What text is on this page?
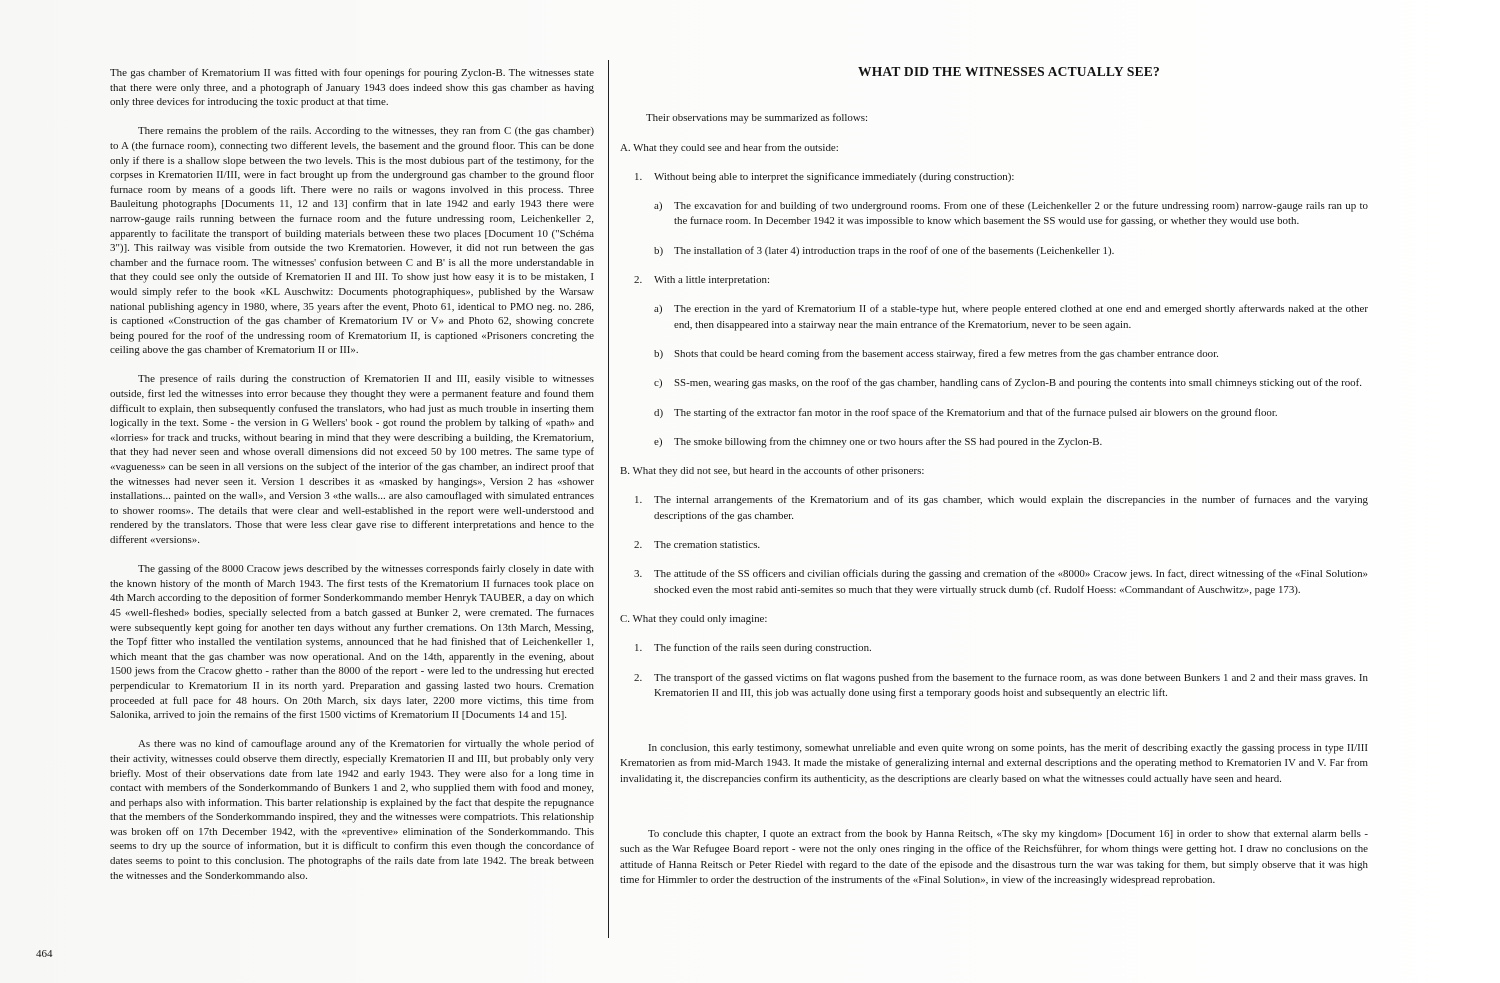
The gas chamber of Krematorium II was fitted with four openings for pouring Zyclon-B. The witnesses state that there were only three, and a photograph of January 1943 does indeed show this gas chamber as having only three devices for introducing the toxic product at that time.

There remains the problem of the rails. According to the witnesses, they ran from C (the gas chamber) to A (the furnace room), connecting two different levels, the basement and the ground floor. This can be done only if there is a shallow slope between the two levels. This is the most dubious part of the testimony, for the corpses in Krematorien II/III, were in fact brought up from the underground gas chamber to the ground floor furnace room by means of a goods lift. There were no rails or wagons involved in this process. Three Bauleitung photographs [Documents 11, 12 and 13] confirm that in late 1942 and early 1943 there were narrow-gauge rails running between the furnace room and the future undressing room, Leichenkeller 2, apparently to facilitate the transport of building materials between these two places [Document 10 ("Schéma 3")]. This railway was visible from outside the two Krematorien. However, it did not run between the gas chamber and the furnace room. The witnesses' confusion between C and B' is all the more understandable in that they could see only the outside of Krematorien II and III. To show just how easy it is to be mistaken, I would simply refer to the book «KL Auschwitz: Documents photographiques», published by the Warsaw national publishing agency in 1980, where, 35 years after the event, Photo 61, identical to PMO neg. no. 286, is captioned «Construction of the gas chamber of Krematorium IV or V» and Photo 62, showing concrete being poured for the roof of the undressing room of Krematorium II, is captioned «Prisoners concreting the ceiling above the gas chamber of Krematorium II or III».

The presence of rails during the construction of Krematorien II and III, easily visible to witnesses outside, first led the witnesses into error because they thought they were a permanent feature and found them difficult to explain, then subsequently confused the translators, who had just as much trouble in inserting them logically in the text. Some - the version in G Wellers' book - got round the problem by talking of «path» and «lorries» for track and trucks, without bearing in mind that they were describing a building, the Krematorium, that they had never seen and whose overall dimensions did not exceed 50 by 100 metres. The same type of «vagueness» can be seen in all versions on the subject of the interior of the gas chamber, an indirect proof that the witnesses had never seen it. Version 1 describes it as «masked by hangings», Version 2 has «shower installations... painted on the wall», and Version 3 «the walls... are also camouflaged with simulated entrances to shower rooms». The details that were clear and well-established in the report were well-understood and rendered by the translators. Those that were less clear gave rise to different interpretations and hence to the different «versions».

The gassing of the 8000 Cracow jews described by the witnesses corresponds fairly closely in date with the known history of the month of March 1943. The first tests of the Krematorium II furnaces took place on 4th March according to the deposition of former Sonderkommando member Henryk TAUBER, a day on which 45 «well-fleshed» bodies, specially selected from a batch gassed at Bunker 2, were cremated. The furnaces were subsequently kept going for another ten days without any further cremations. On 13th March, Messing, the Topf fitter who installed the ventilation systems, announced that he had finished that of Leichenkeller 1, which meant that the gas chamber was now operational. And on the 14th, apparently in the evening, about 1500 jews from the Cracow ghetto - rather than the 8000 of the report - were led to the undressing hut erected perpendicular to Krematorium II in its north yard. Preparation and gassing lasted two hours. Cremation proceeded at full pace for 48 hours. On 20th March, six days later, 2200 more victims, this time from Salonika, arrived to join the remains of the first 1500 victims of Krematorium II [Documents 14 and 15].

As there was no kind of camouflage around any of the Krematorien for virtually the whole period of their activity, witnesses could observe them directly, especially Krematorien II and III, but probably only very briefly. Most of their observations date from late 1942 and early 1943. They were also for a long time in contact with members of the Sonderkommando of Bunkers 1 and 2, who supplied them with food and money, and perhaps also with information. This barter relationship is explained by the fact that despite the repugnance that the members of the Sonderkommando inspired, they and the witnesses were compatriots. This relationship was broken off on 17th December 1942, with the «preventive» elimination of the Sonderkommando. This seems to dry up the source of information, but it is difficult to confirm this even though the concordance of dates seems to point to this conclusion. The photographs of the rails date from late 1942. The break between the witnesses and the Sonderkommando also.

WHAT DID THE WITNESSES ACTUALLY SEE?
Their observations may be summarized as follows:
A. What they could see and hear from the outside:
1.	Without being able to interpret the significance immediately (during construction):
a)	The excavation for and building of two underground rooms. From one of these (Leichenkeller 2 or the future undressing room) narrow-gauge rails ran up to the furnace room. In December 1942 it was impossible to know which basement the SS would use for gassing, or whether they would use both.
b)	The installation of 3 (later 4) introduction traps in the roof of one of the basements (Leichenkeller 1).
2.	With a little interpretation:
a)	The erection in the yard of Krematorium II of a stable-type hut, where people entered clothed at one end and emerged shortly afterwards naked at the other end, then disappeared into a stairway near the main entrance of the Krematorium, never to be seen again.
b)	Shots that could be heard coming from the basement access stairway, fired a few metres from the gas chamber entrance door.
c)	SS-men, wearing gas masks, on the roof of the gas chamber, handling cans of Zyclon-B and pouring the contents into small chimneys sticking out of the roof.
d)	The starting of the extractor fan motor in the roof space of the Krematorium and that of the furnace pulsed air blowers on the ground floor.
e)	The smoke billowing from the chimney one or two hours after the SS had poured in the Zyclon-B.
B. What they did not see, but heard in the accounts of other prisoners:
1.	The internal arrangements of the Krematorium and of its gas chamber, which would explain the discrepancies in the number of furnaces and the varying descriptions of the gas chamber.
2.	The cremation statistics.
3.	The attitude of the SS officers and civilian officials during the gassing and cremation of the «8000» Cracow jews. In fact, direct witnessing of the «Final Solution» shocked even the most rabid anti-semites so much that they were virtually struck dumb (cf. Rudolf Hoess: «Commandant of Auschwitz», page 173).
C. What they could only imagine:
1.	The function of the rails seen during construction.
2.	The transport of the gassed victims on flat wagons pushed from the basement to the furnace room, as was done between Bunkers 1 and 2 and their mass graves. In Krematorien II and III, this job was actually done using first a temporary goods hoist and subsequently an electric lift.

In conclusion, this early testimony, somewhat unreliable and even quite wrong on some points, has the merit of describing exactly the gassing process in type II/III Krematorien as from mid-March 1943. It made the mistake of generalizing internal and external descriptions and the operating method to Krematorien IV and V. Far from invalidating it, the discrepancies confirm its authenticity, as the descriptions are clearly based on what the witnesses could actually have seen and heard.

To conclude this chapter, I quote an extract from the book by Hanna Reitsch, «The sky my kingdom» [Document 16] in order to show that external alarm bells - such as the War Refugee Board report - were not the only ones ringing in the office of the Reichsführer, for whom things were getting hot. I draw no conclusions on the attitude of Hanna Reitsch or Peter Riedel with regard to the date of the episode and the disastrous turn the war was taking for them, but simply observe that it was high time for Himmler to order the destruction of the instruments of the «Final Solution», in view of the increasingly widespread reprobation.

464
